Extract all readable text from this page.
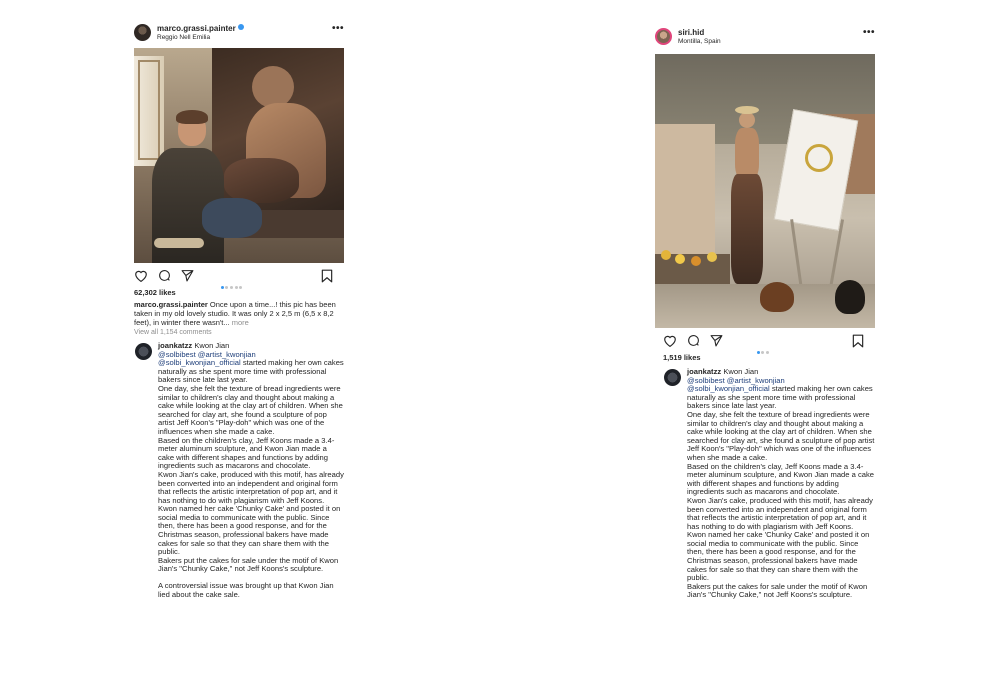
marco.grassi.painter
Reggio Nell Emilia
•••
62,302 likes
marco.grassi.painter Once upon a time...! this pic has been taken in my old lovely studio. It was only 2 x 2,5 m (6,5 x 8,2 feet), in winter there wasn't... more
View all 1,154 comments

joankatzz Kwon Jian

@solbibest @artist_kwonjian

@solbi_kwonjian_official started making her own cakes naturally as she spent more time with professional bakers since late last year.

One day, she felt the texture of bread ingredients were similar to children's clay and thought about making a cake while looking at the clay art of children. When she searched for clay art, she found a sculpture of pop artist Jeff Koon's "Play-doh" which was one of the influences when she made a cake.

Based on the children's clay, Jeff Koons made a 3.4-meter aluminum sculpture, and Kwon Jian made a cake with different shapes and functions by adding ingredients such as macarons and chocolate.

Kwon Jian's cake, produced with this motif, has already been converted into an independent and original form that reflects the artistic interpretation of pop art, and it has nothing to do with plagiarism with Jeff Koons.

Kwon named her cake 'Chunky Cake' and posted it on social media to communicate with the public. Since then, there has been a good response, and for the Christmas season, professional bakers have made cakes for sale so that they can share them with the public.

Bakers put the cakes for sale under the motif of Kwon Jian's "Chunky Cake," not Jeff Koons's sculpture.

A controversial issue was brought up that Kwon Jian lied about the cake sale.

siri.hid
Montilla, Spain
•••
1,519 likes

joankatzz Kwon Jian

@solbibest @artist_kwonjian

@solbi_kwonjian_official started making her own cakes naturally as she spent more time with professional bakers since late last year.

One day, she felt the texture of bread ingredients were similar to children's clay and thought about making a cake while looking at the clay art of children. When she searched for clay art, she found a sculpture of pop artist Jeff Koon's "Play-doh" which was one of the influences when she made a cake.

Based on the children's clay, Jeff Koons made a 3.4-meter aluminum sculpture, and Kwon Jian made a cake with different shapes and functions by adding ingredients such as macarons and chocolate.

Kwon Jian's cake, produced with this motif, has already been converted into an independent and original form that reflects the artistic interpretation of pop art, and it has nothing to do with plagiarism with Jeff Koons.

Kwon named her cake 'Chunky Cake' and posted it on social media to communicate with the public. Since then, there has been a good response, and for the Christmas season, professional bakers have made cakes for sale so that they can share them with the public.

Bakers put the cakes for sale under the motif of Kwon Jian's "Chunky Cake," not Jeff Koons's sculpture.
